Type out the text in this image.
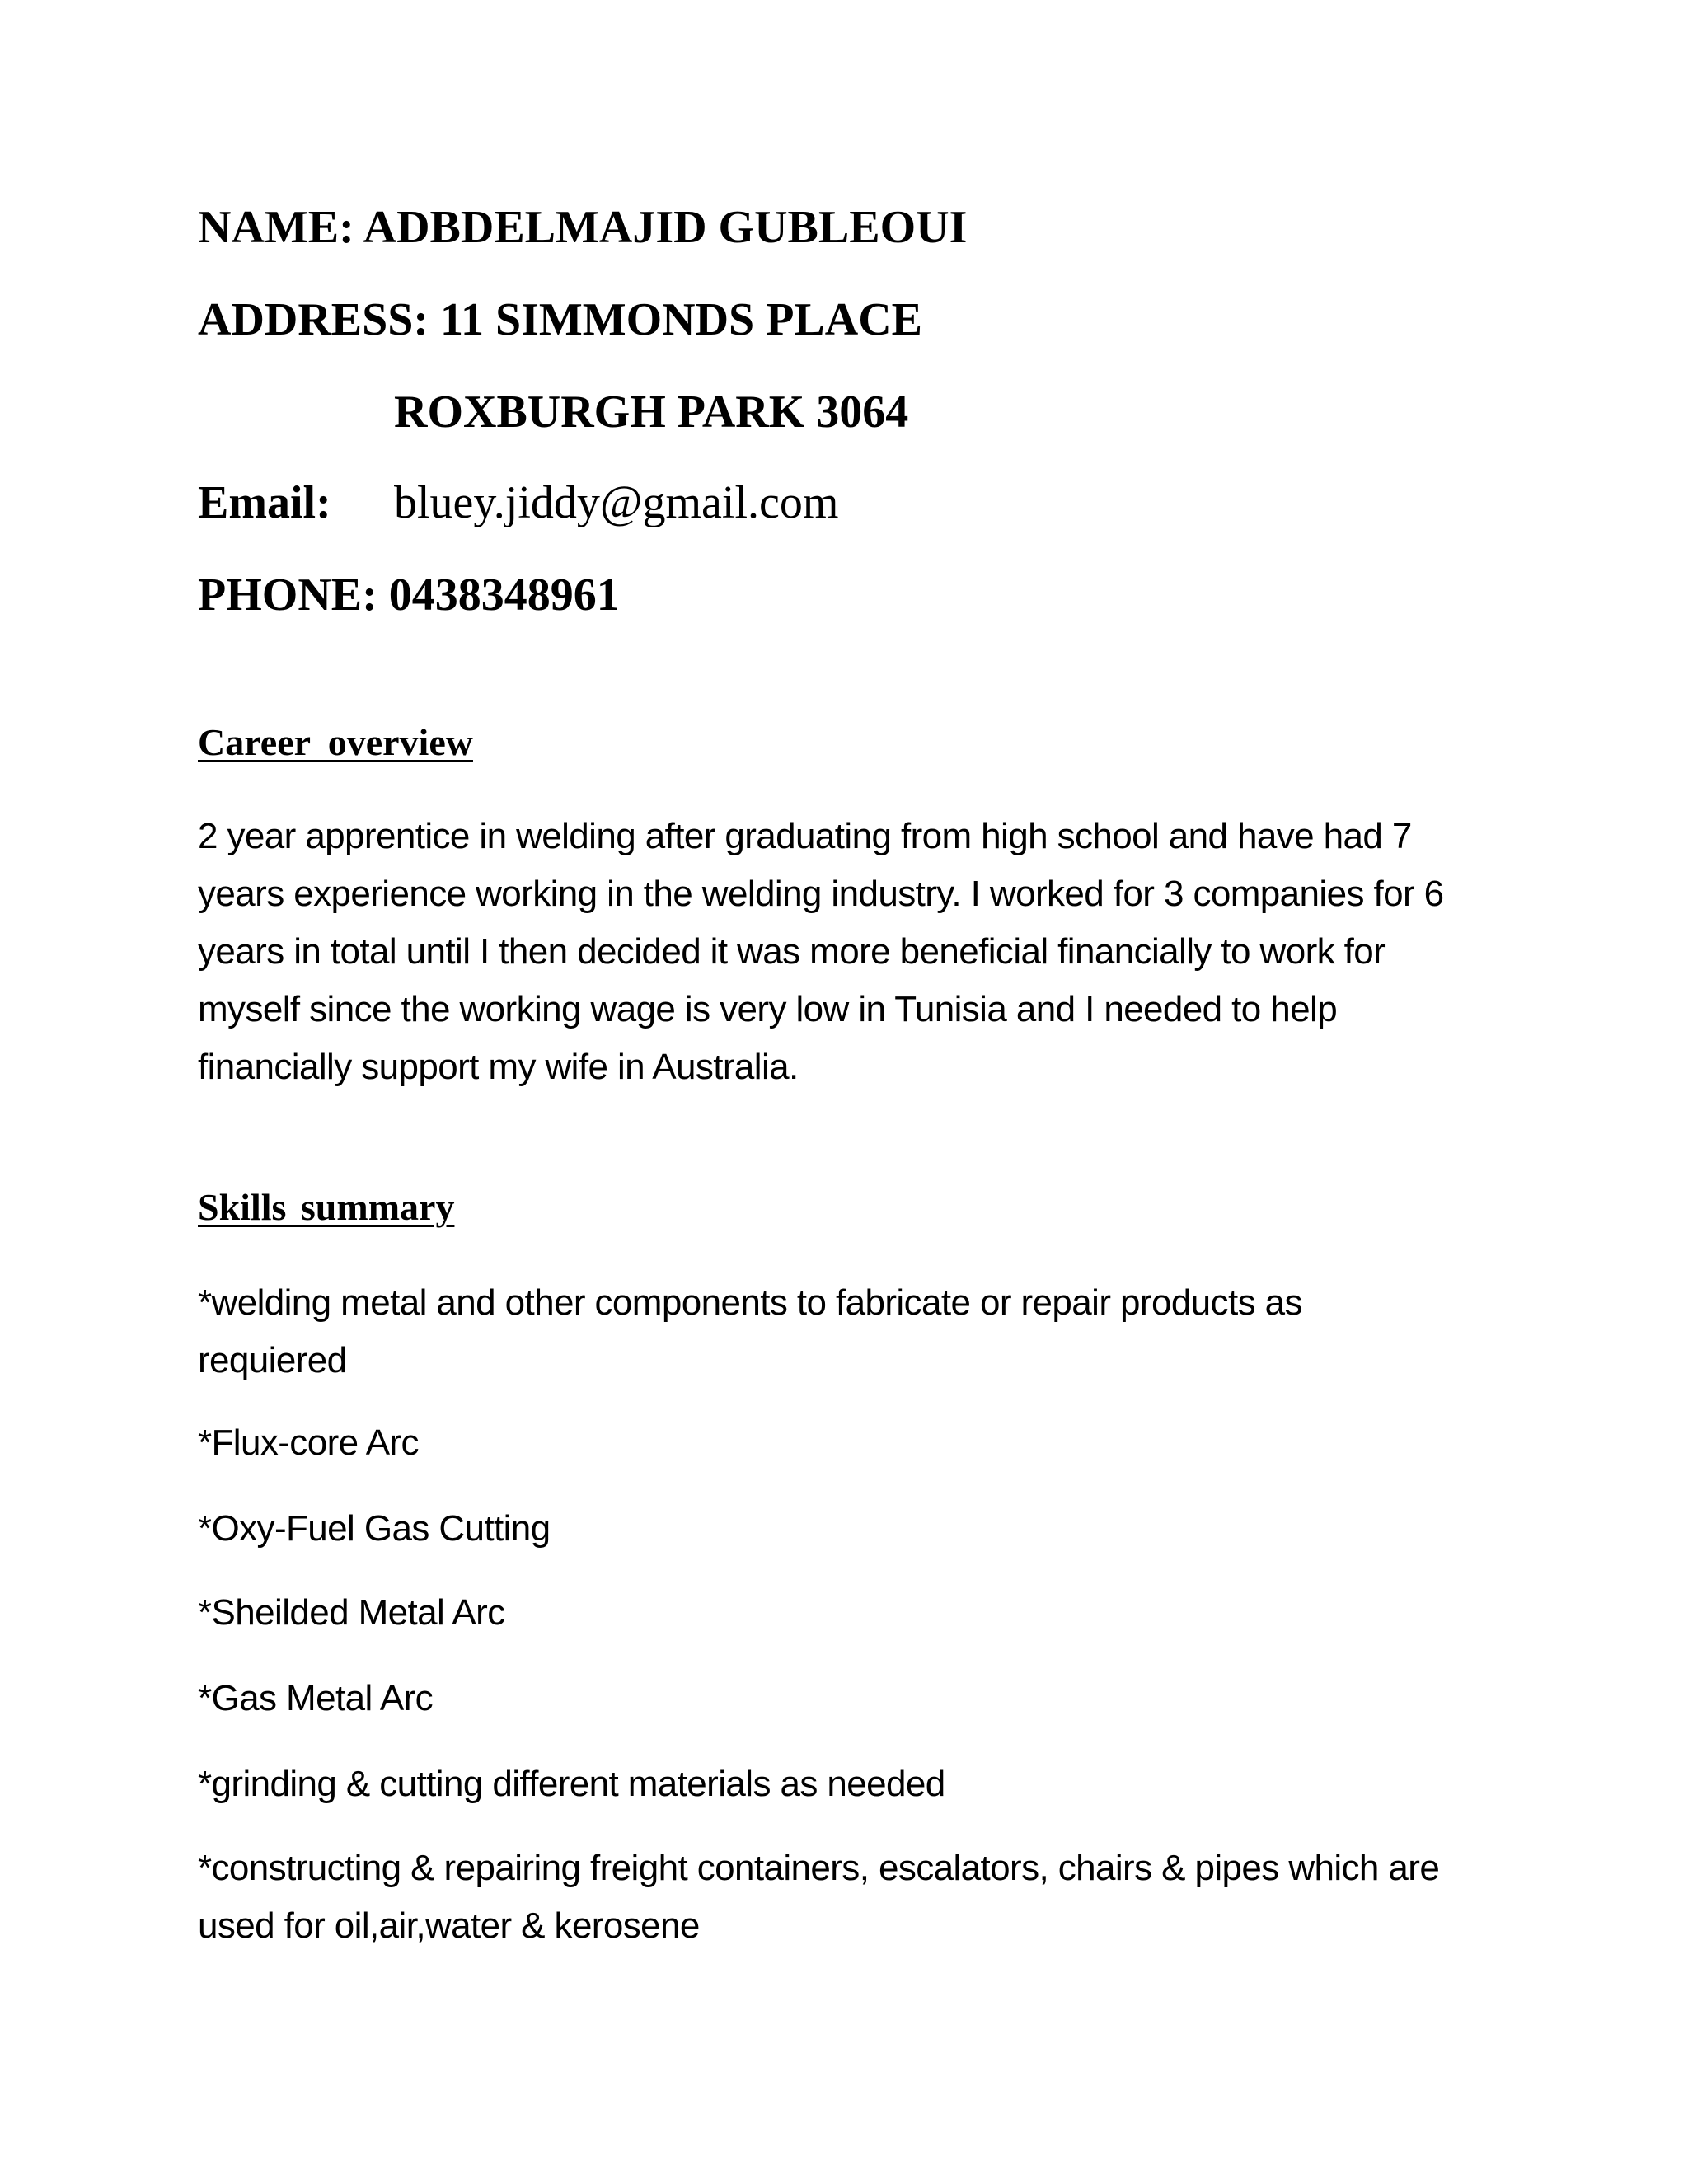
NAME: ADBDELMAJID GUBLEOUI
ADDRESS: 11 SIMMONDS PLACE
ROXBURGH PARK 3064
Email: bluey.jiddy@gmail.com
PHONE: 0438348961
Career overview
2 year apprentice in welding after graduating from high school and have had 7
years experience working in the welding industry. I worked for 3 companies for 6
years in total until I then decided it was more beneficial financially to work for
myself since the working wage is very low in Tunisia and I needed to help
financially support my wife in Australia.
Skills summary
*welding metal and other components to fabricate or repair products as requiered
*Flux-core Arc
*Oxy-Fuel Gas Cutting
*Sheilded Metal Arc
*Gas Metal Arc
*grinding & cutting different materials as needed
*constructing & repairing freight containers, escalators, chairs & pipes which are used for oil,air,water & kerosene
